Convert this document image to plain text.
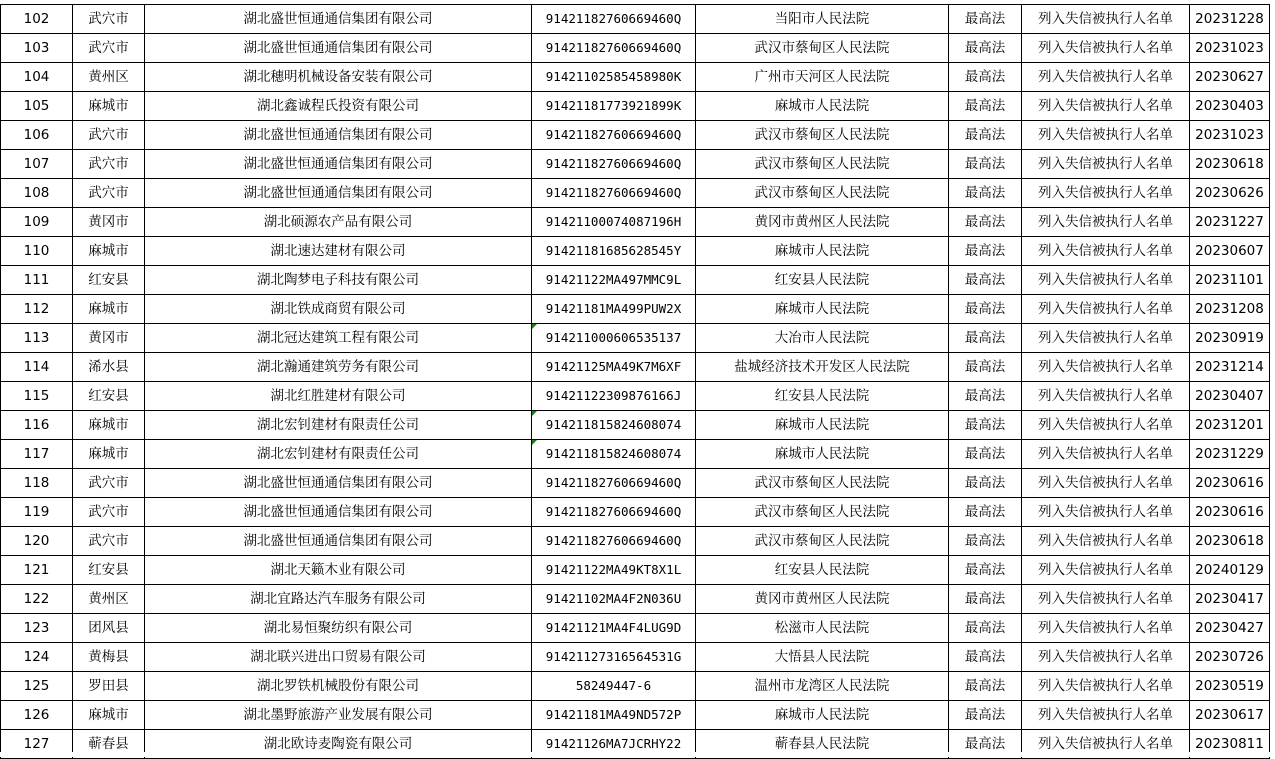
102	武穴市	湖北盛世恒通通信集团有限公司	91421182760669460Q	当阳市人民法院	最高法	列入失信被执行人名单	20231228
103	武穴市	湖北盛世恒通通信集团有限公司	91421182760669460Q	武汉市蔡甸区人民法院	最高法	列入失信被执行人名单	20231023
104	黄州区	湖北穗明机械设备安装有限公司	91421102585458980K	广州市天河区人民法院	最高法	列入失信被执行人名单	20230627
105	麻城市	湖北鑫诚程氏投资有限公司	91421181773921899K	麻城市人民法院	最高法	列入失信被执行人名单	20230403
106	武穴市	湖北盛世恒通通信集团有限公司	91421182760669460Q	武汉市蔡甸区人民法院	最高法	列入失信被执行人名单	20231023
107	武穴市	湖北盛世恒通通信集团有限公司	91421182760669460Q	武汉市蔡甸区人民法院	最高法	列入失信被执行人名单	20230618
108	武穴市	湖北盛世恒通通信集团有限公司	91421182760669460Q	武汉市蔡甸区人民法院	最高法	列入失信被执行人名单	20230626
109	黄冈市	湖北硕源农产品有限公司	91421100074087196H	黄冈市黄州区人民法院	最高法	列入失信被执行人名单	20231227
110	麻城市	湖北速达建材有限公司	91421181685628545Y	麻城市人民法院	最高法	列入失信被执行人名单	20230607
111	红安县	湖北陶梦电子科技有限公司	91421122MA497MMC9L	红安县人民法院	最高法	列入失信被执行人名单	20231101
112	麻城市	湖北铁成商贸有限公司	91421181MA499PUW2X	麻城市人民法院	最高法	列入失信被执行人名单	20231208
113	黄冈市	湖北冠达建筑工程有限公司	914211000606535137	大冶市人民法院	最高法	列入失信被执行人名单	20230919
114	浠水县	湖北瀚通建筑劳务有限公司	91421125MA49K7M6XF	盐城经济技术开发区人民法院	最高法	列入失信被执行人名单	20231214
115	红安县	湖北红胜建材有限公司	91421122309876166J	红安县人民法院	最高法	列入失信被执行人名单	20230407
116	麻城市	湖北宏钊建材有限责任公司	914211815824608074	麻城市人民法院	最高法	列入失信被执行人名单	20231201
117	麻城市	湖北宏钊建材有限责任公司	914211815824608074	麻城市人民法院	最高法	列入失信被执行人名单	20231229
118	武穴市	湖北盛世恒通通信集团有限公司	91421182760669460Q	武汉市蔡甸区人民法院	最高法	列入失信被执行人名单	20230616
119	武穴市	湖北盛世恒通通信集团有限公司	91421182760669460Q	武汉市蔡甸区人民法院	最高法	列入失信被执行人名单	20230616
120	武穴市	湖北盛世恒通通信集团有限公司	91421182760669460Q	武汉市蔡甸区人民法院	最高法	列入失信被执行人名单	20230618
121	红安县	湖北天籁木业有限公司	91421122MA49KT8X1L	红安县人民法院	最高法	列入失信被执行人名单	20240129
122	黄州区	湖北宜路达汽车服务有限公司	91421102MA4F2N036U	黄冈市黄州区人民法院	最高法	列入失信被执行人名单	20230417
123	团风县	湖北易恒聚纺织有限公司	91421121MA4F4LUG9D	松滋市人民法院	最高法	列入失信被执行人名单	20230427
124	黄梅县	湖北联兴进出口贸易有限公司	91421127316564531G	大悟县人民法院	最高法	列入失信被执行人名单	20230726
125	罗田县	湖北罗铁机械股份有限公司	58249447-6	温州市龙湾区人民法院	最高法	列入失信被执行人名单	20230519
126	麻城市	湖北墨野旅游产业发展有限公司	91421181MA49ND572P	麻城市人民法院	最高法	列入失信被执行人名单	20230617
127	蕲春县	湖北欧诗麦陶瓷有限公司	91421126MA7JCRHY22	蕲春县人民法院	最高法	列入失信被执行人名单	20230811
